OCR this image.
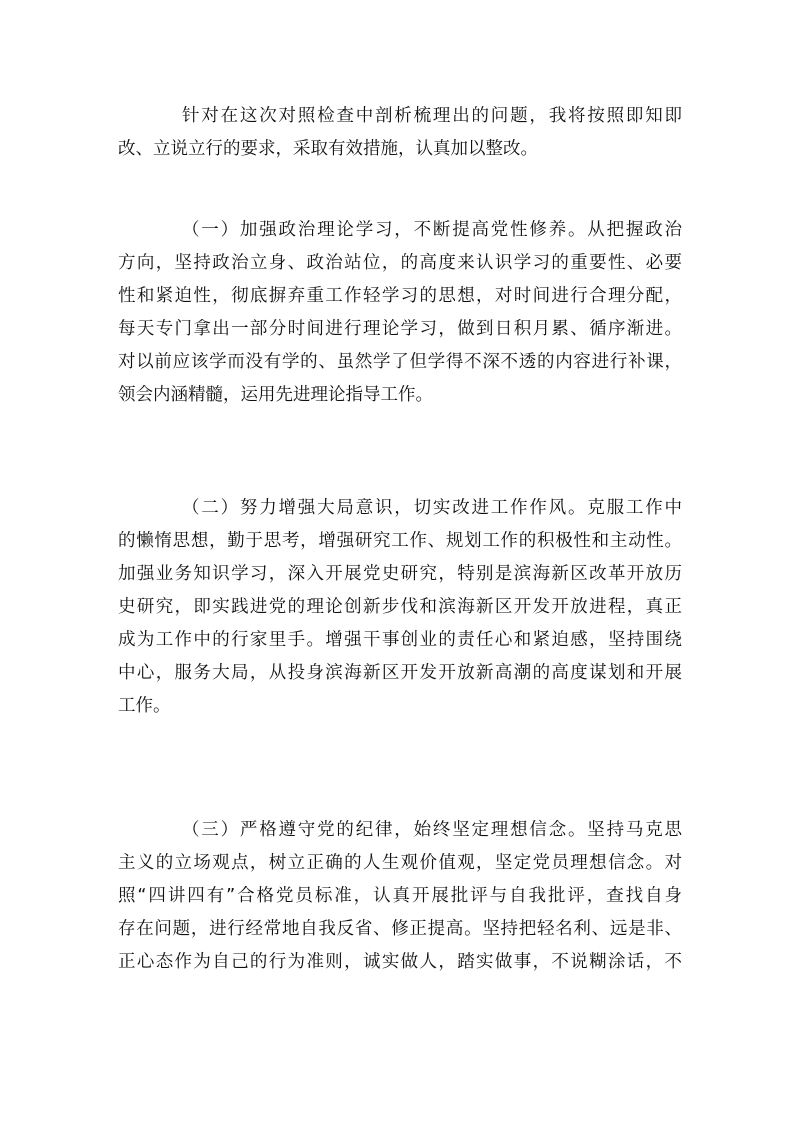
针对在这次对照检查中剖析梳理出的问题，我将按照即知即
改、立说立行的要求，采取有效措施，认真加以整改。
（一）加强政治理论学习，不断提高党性修养。从把握政治
方向，坚持政治立身、政治站位，的高度来认识学习的重要性、必要
性和紧迫性，彻底摒弃重工作轻学习的思想，对时间进行合理分配，
每天专门拿出一部分时间进行理论学习，做到日积月累、循序渐进。
对以前应该学而没有学的、虽然学了但学得不深不透的内容进行补课，
领会内涵精髓，运用先进理论指导工作。
（二）努力增强大局意识，切实改进工作作风。克服工作中
的懒惰思想，勤于思考，增强研究工作、规划工作的积极性和主动性。
加强业务知识学习，深入开展党史研究，特别是滨海新区改革开放历
史研究，即实践进党的理论创新步伐和滨海新区开发开放进程，真正
成为工作中的行家里手。增强干事创业的责任心和紧迫感，坚持围绕
中心，服务大局，从投身滨海新区开发开放新高潮的高度谋划和开展
工作。
（三）严格遵守党的纪律，始终坚定理想信念。坚持马克思
主义的立场观点，树立正确的人生观价值观，坚定党员理想信念。对
照“四讲四有”合格党员标准，认真开展批评与自我批评，查找自身
存在问题，进行经常地自我反省、修正提高。坚持把轻名利、远是非、
正心态作为自己的行为准则，诚实做人，踏实做事，不说糊涂话，不
